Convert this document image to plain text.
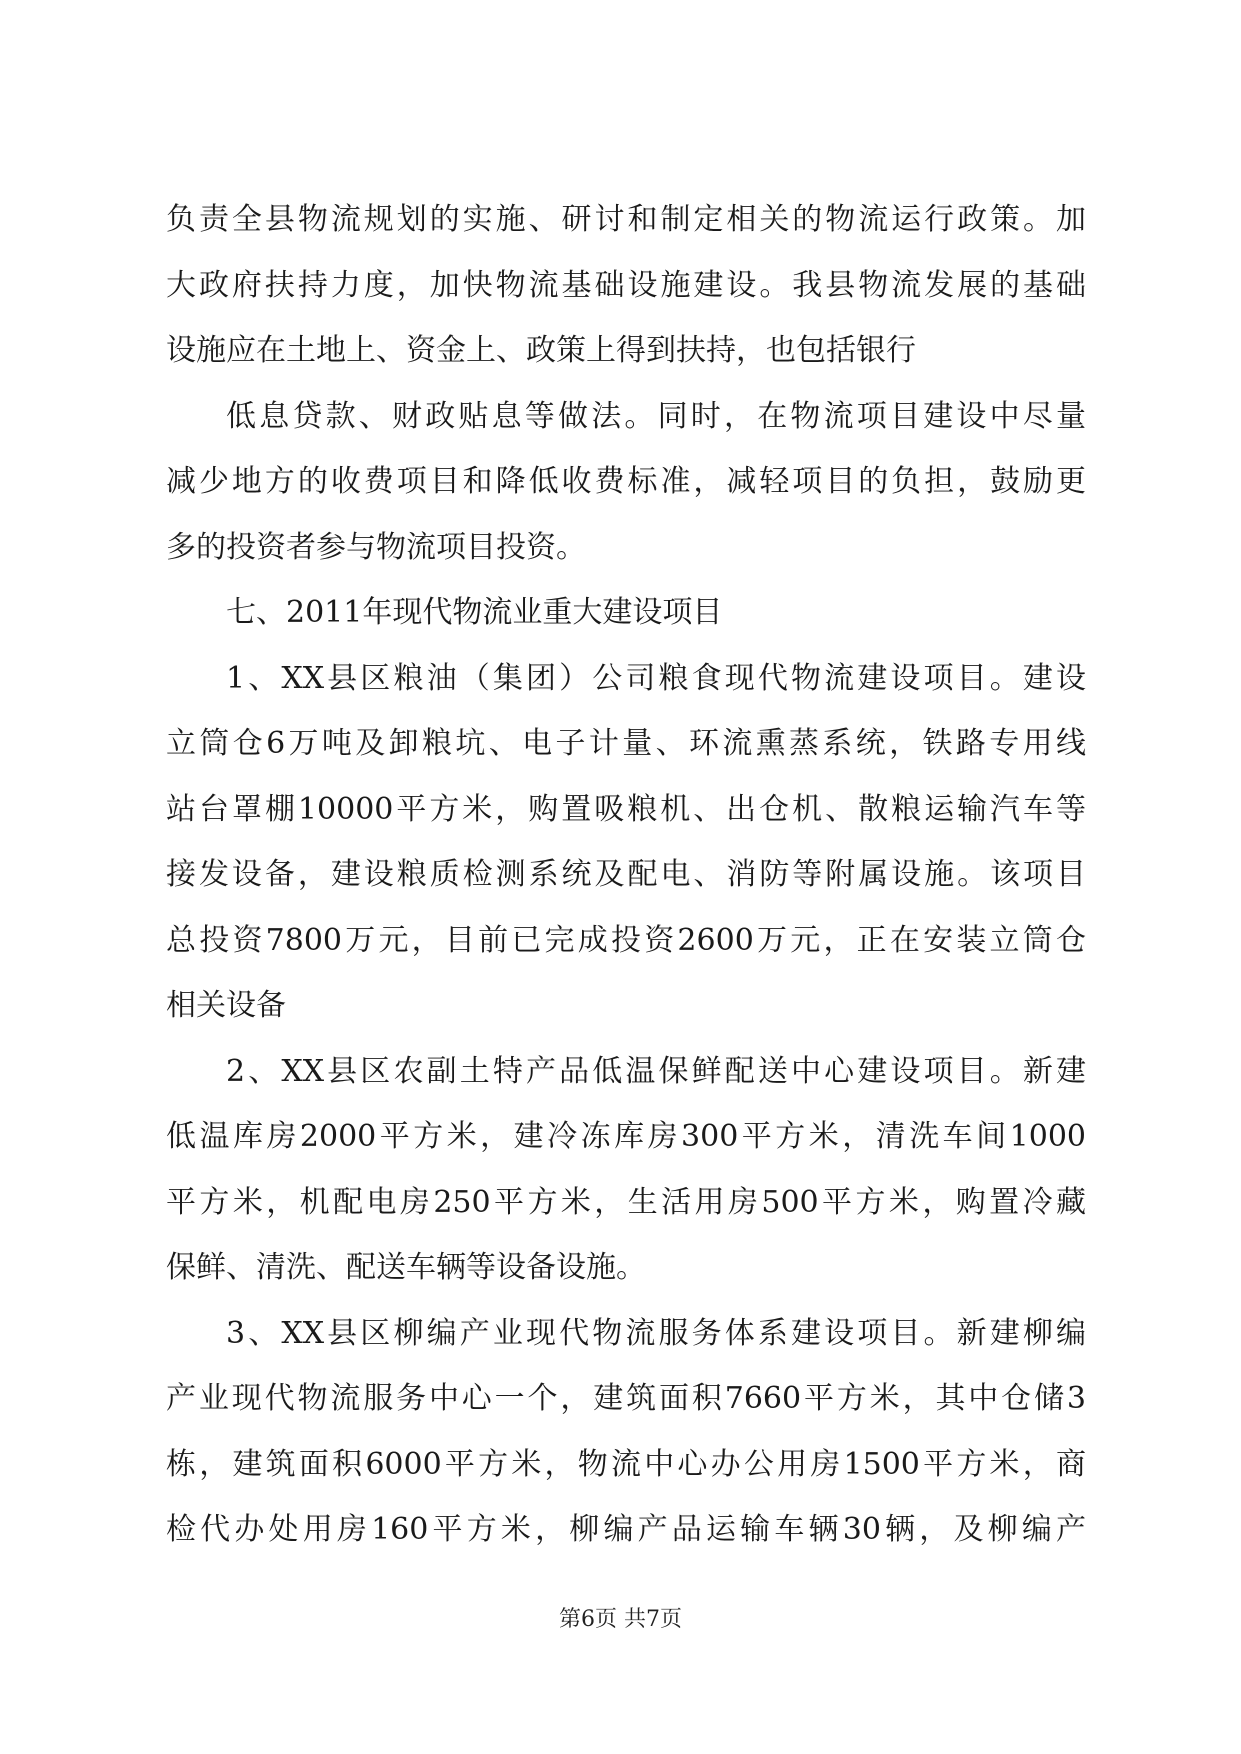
负责全县物流规划的实施、研讨和制定相关的物流运行政策。加
大政府扶持力度，加快物流基础设施建设。我县物流发展的基础
设施应在土地上、资金上、政策上得到扶持，也包括银行
低息贷款、财政贴息等做法。同时，在物流项目建设中尽量
减少地方的收费项目和降低收费标准，减轻项目的负担，鼓励更
多的投资者参与物流项目投资。
七、2011年现代物流业重大建设项目
1、XX县区粮油（集团）公司粮食现代物流建设项目。建设
立筒仓6万吨及卸粮坑、电子计量、环流熏蒸系统，铁路专用线
站台罩棚10000平方米，购置吸粮机、出仓机、散粮运输汽车等
接发设备，建设粮质检测系统及配电、消防等附属设施。该项目
总投资7800万元，目前已完成投资2600万元，正在安装立筒仓
相关设备
2、XX县区农副土特产品低温保鲜配送中心建设项目。新建
低温库房2000平方米，建冷冻库房300平方米，清洗车间1000
平方米，机配电房250平方米，生活用房500平方米，购置冷藏
保鲜、清洗、配送车辆等设备设施。
3、XX县区柳编产业现代物流服务体系建设项目。新建柳编
产业现代物流服务中心一个，建筑面积7660平方米，其中仓储3
栋，建筑面积6000平方米，物流中心办公用房1500平方米，商
检代办处用房160平方米，柳编产品运输车辆30辆，及柳编产
第6页 共7页
